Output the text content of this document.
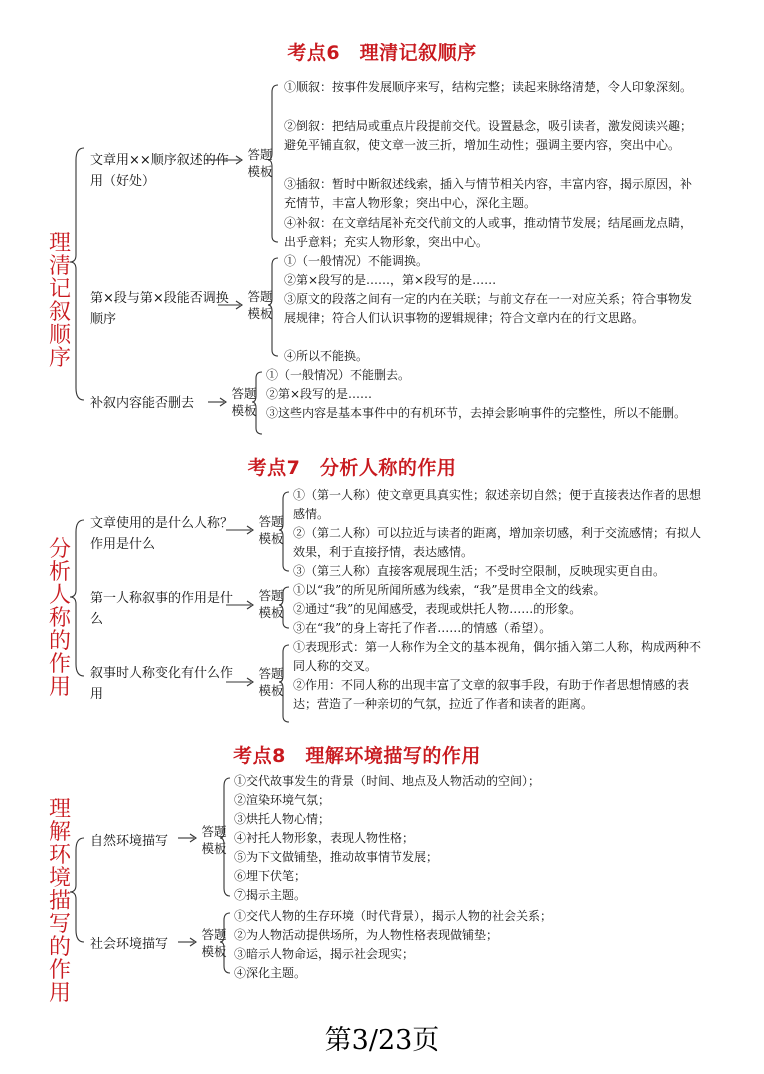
考点6　理清记叙顺序
理清记叙顺序
文章用××顺序叙述的作用（好处）
答题模板
①顺叙：按事件发展顺序来写，结构完整；读起来脉络清楚，令人印象深刻。
②倒叙：把结局或重点片段提前交代。设置悬念，吸引读者，激发阅读兴趣；避免平铺直叙，使文章一波三折，增加生动性；强调主要内容，突出中心。
③插叙：暂时中断叙述线索，插入与情节相关内容，丰富内容，揭示原因，补充情节，丰富人物形象；突出中心，深化主题。
④补叙：在文章结尾补充交代前文的人或事，推动情节发展；结尾画龙点睛，出乎意料；充实人物形象，突出中心。
第×段与第×段能否调换顺序
答题模板
①（一般情况）不能调换。
②第×段写的是……，第×段写的是……
③原文的段落之间有一定的内在关联；与前文存在一一对应关系；符合事物发展规律；符合人们认识事物的逻辑规律；符合文章内在的行文思路。
④所以不能换。
补叙内容能否删去
答题模板
①（一般情况）不能删去。
②第×段写的是……
③这些内容是基本事件中的有机环节，去掉会影响事件的完整性，所以不能删。
考点7　分析人称的作用
分析人称的作用
文章使用的是什么人称？作用是什么
答题模板
①（第一人称）使文章更具真实性；叙述亲切自然；便于直接表达作者的思想感情。
②（第二人称）可以拉近与读者的距离，增加亲切感，利于交流感情；有拟人效果，利于直接抒情，表达感情。
③（第三人称）直接客观展现生活；不受时空限制，反映现实更自由。
第一人称叙事的作用是什么
答题模板
①以“我”的所见所闻所感为线索，“我”是贯串全文的线索。
②通过“我”的见闻感受，表现或烘托人物……的形象。
③在“我”的身上寄托了作者……的情感（希望）。
叙事时人称变化有什么作用
答题模板
①表现形式：第一人称作为全文的基本视角，偶尔插入第二人称，构成两种不同人称的交叉。
②作用：不同人称的出现丰富了文章的叙事手段，有助于作者思想情感的表达；营造了一种亲切的气氛，拉近了作者和读者的距离。
考点8　理解环境描写的作用
理解环境描写的作用
自然环境描写
答题模板
①交代故事发生的背景（时间、地点及人物活动的空间）；
②渲染环境气氛；
③烘托人物心情；
④衬托人物形象，表现人物性格；
⑤为下文做铺垫，推动故事情节发展；
⑥埋下伏笔；
⑦揭示主题。
社会环境描写
答题模板
①交代人物的生存环境（时代背景），揭示人物的社会关系；
②为人物活动提供场所，为人物性格表现做铺垫；
③暗示人物命运，揭示社会现实；
④深化主题。
第3/23页
